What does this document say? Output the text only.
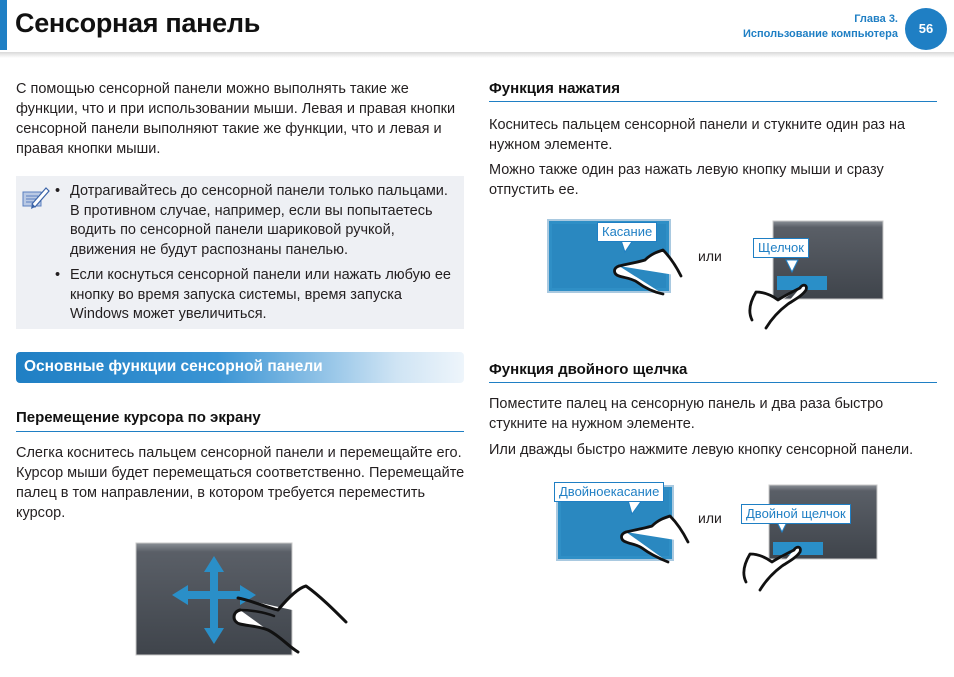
Сенсорная панель	Глава 3.
Использование компьютера	56

С помощью сенсорной панели можно выполнять такие же функции, что и при использовании мыши. Левая и правая кнопки сенсорной панели выполняют такие же функции, что и левая и правая кнопки мыши.

• Дотрагивайтесь до сенсорной панели только пальцами. В противном случае, например, если вы попытаетесь водить по сенсорной панели шариковой ручкой, движения не будут распознаны панелью.
• Если коснуться сенсорной панели или нажать любую ее кнопку во время запуска системы, время запуска Windows может увеличиться.
Основные функции сенсорной панели
Перемещение курсора по экрану

Слегка коснитесь пальцем сенсорной панели и перемещайте его. Курсор мыши будет перемещаться соответственно. Перемещайте палец в том направлении, в котором требуется переместить курсор.

Функция нажатия

Коснитесь пальцем сенсорной панели и стукните один раз на нужном элементе.

Можно также один раз нажать левую кнопку мыши и сразу отпустить ее.

Касание
или
Щелчок
Функция двойного щелчка

Поместите палец на сенсорную панель и два раза быстро стукните на нужном элементе.

Или дважды быстро нажмите левую кнопку сенсорной панели.

Двойноекасание
или	Двойной щелчок
